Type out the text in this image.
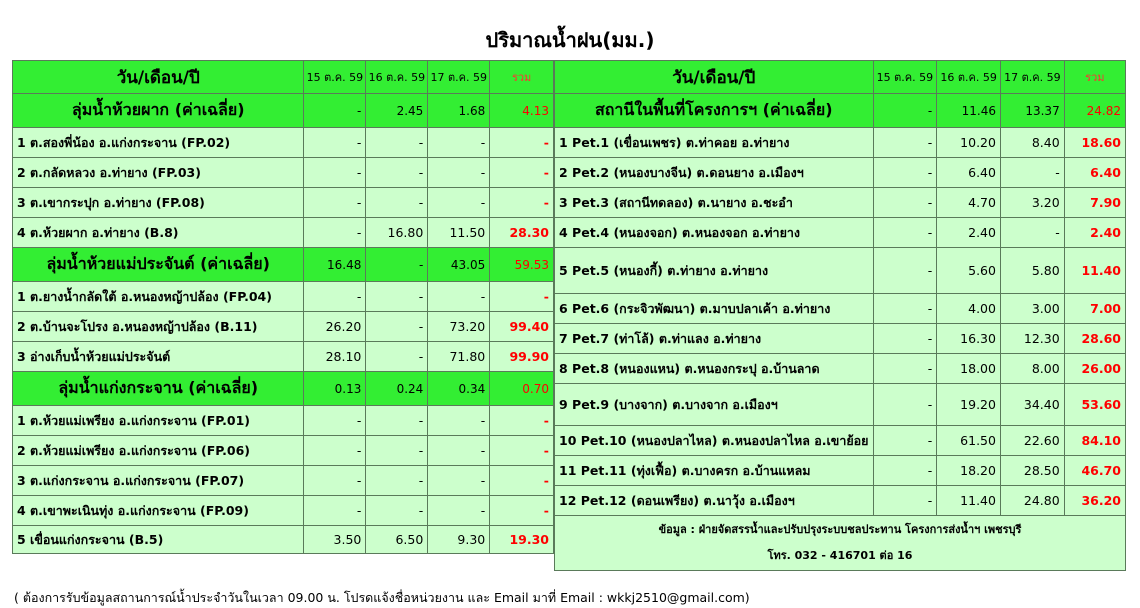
ปริมาณน้ำฝน(มม.)
วัน/เดือน/ปี	15 ต.ค. 59	16 ต.ค. 59	17 ต.ค. 59	รวม
ลุ่มน้ำห้วยผาก (ค่าเฉลี่ย)	-	2.45	1.68	4.13
1 ต.สองพี่น้อง อ.แก่งกระจาน (FP.02)	-	-	-	-
2 ต.กลัดหลวง อ.ท่ายาง (FP.03)	-	-	-	-
3 ต.เขากระปุก อ.ท่ายาง (FP.08)	-	-	-	-
4 ต.ห้วยผาก อ.ท่ายาง (B.8)	-	16.80	11.50	28.30
ลุ่มน้ำห้วยแม่ประจันต์ (ค่าเฉลี่ย)	16.48	-	43.05	59.53
1 ต.ยางน้ำกลัดใต้ อ.หนองหญ้าปล้อง (FP.04)	-	-	-	-
2 ต.บ้านจะโปรง อ.หนองหญ้าปล้อง (B.11)	26.20	-	73.20	99.40
3 อ่างเก็บน้ำห้วยแม่ประจันต์	28.10	-	71.80	99.90
ลุ่มน้ำแก่งกระจาน (ค่าเฉลี่ย)	0.13	0.24	0.34	0.70
1 ต.ห้วยแม่เพรียง อ.แก่งกระจาน (FP.01)	-	-	-	-
2 ต.ห้วยแม่เพรียง อ.แก่งกระจาน (FP.06)	-	-	-	-
3 ต.แก่งกระจาน อ.แก่งกระจาน (FP.07)	-	-	-	-
4 ต.เขาพะเนินทุ่ง อ.แก่งกระจาน (FP.09)	-	-	-	-
5 เขื่อนแก่งกระจาน (B.5)	3.50	6.50	9.30	19.30
วัน/เดือน/ปี	15 ต.ค. 59	16 ต.ค. 59	17 ต.ค. 59	รวม
สถานีในพื้นที่โครงการฯ (ค่าเฉลี่ย)	-	11.46	13.37	24.82
1 Pet.1 (เขื่อนเพชร) ต.ท่าคอย อ.ท่ายาง	-	10.20	8.40	18.60
2 Pet.2 (หนองบางจีน) ต.ดอนยาง อ.เมืองฯ	-	6.40	-	6.40
3 Pet.3 (สถานีทดลอง) ต.นายาง อ.ชะอำ	-	4.70	3.20	7.90
4 Pet.4 (หนองจอก) ต.หนองจอก อ.ท่ายาง	-	2.40	-	2.40
5 Pet.5 (หนองกี้) ต.ท่ายาง อ.ท่ายาง	-	5.60	5.80	11.40
6 Pet.6 (กระจิวพัฒนา) ต.มาบปลาเค้า อ.ท่ายาง	-	4.00	3.00	7.00
7 Pet.7 (ท่าโล้) ต.ท่าแลง อ.ท่ายาง	-	16.30	12.30	28.60
8 Pet.8 (หนองแหน) ต.หนองกระปุ อ.บ้านลาด	-	18.00	8.00	26.00
9 Pet.9 (บางจาก) ต.บางจาก อ.เมืองฯ	-	19.20	34.40	53.60
10 Pet.10 (หนองปลาไหล) ต.หนองปลาไหล อ.เขาย้อย	-	61.50	22.60	84.10
11 Pet.11 (ทุ่งเฟื้อ) ต.บางครก อ.บ้านแหลม	-	18.20	28.50	46.70
12 Pet.12 (ดอนเพรียง) ต.นาวุ้ง อ.เมืองฯ	-	11.40	24.80	36.20

ข้อมูล : ฝ่ายจัดสรรน้ำและปรับปรุงระบบชลประทาน โครงการส่งน้ำฯ เพชรบุรี
โทร. 032 - 416701 ต่อ 16				
( ต้องการรับข้อมูลสถานการณ์น้ำประจำวันในเวลา 09.00 น. โปรดแจ้งชื่อหน่วยงาน และ Email มาที่ Email : wkkj2510@gmail.com)
